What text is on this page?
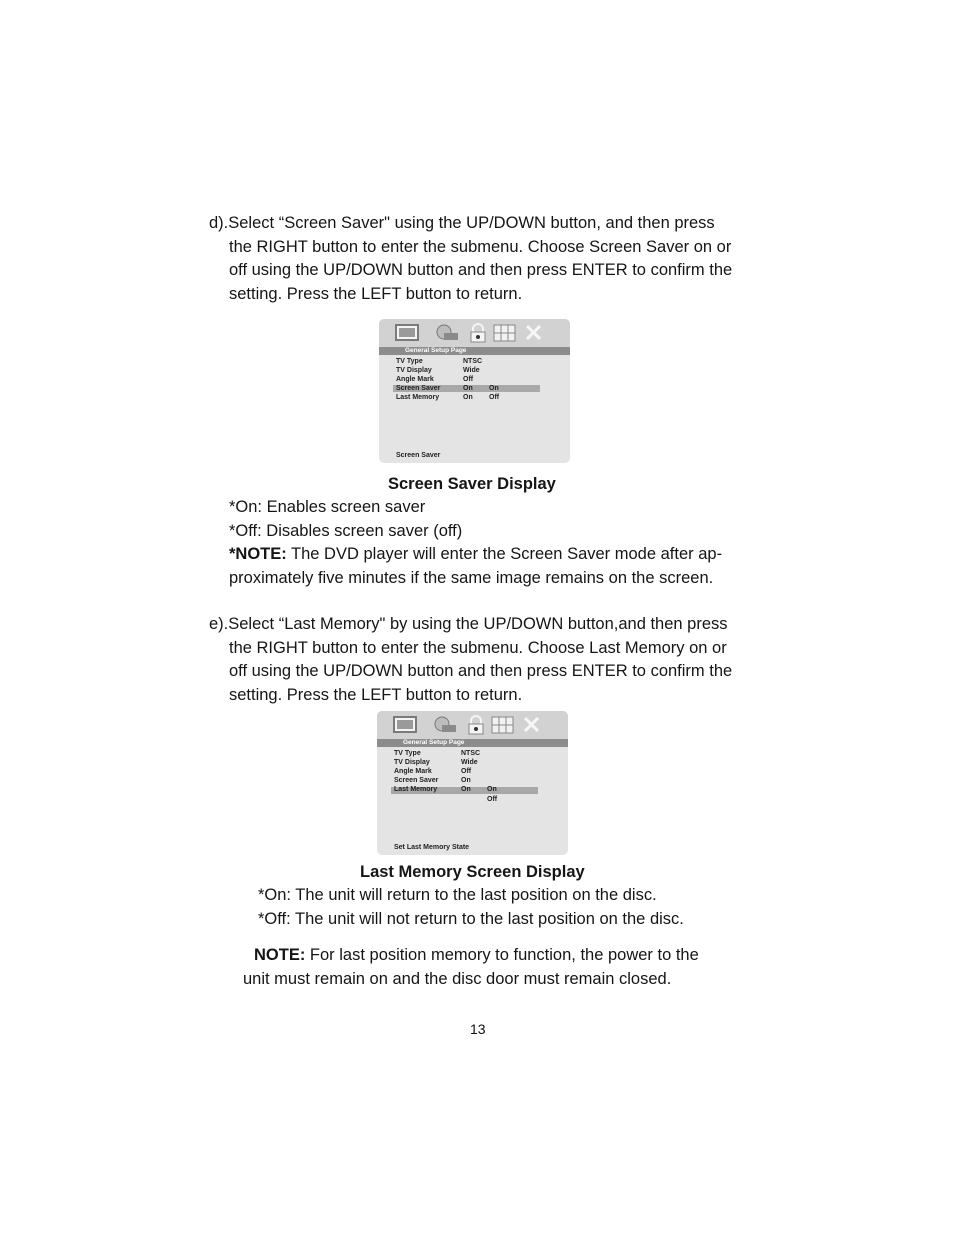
d).Select “Screen Saver" using the UP/DOWN button, and then press
the RIGHT button to enter the submenu. Choose Screen Saver on or
off using the UP/DOWN button and then press ENTER to confirm the
setting. Press the LEFT button to return.
General Setup Page
TV Type	NTSC
TV Display	Wide
Angle Mark	Off
Screen Saver	On On
Last Memory	On Off
Screen Saver
Screen Saver Display
*On: Enables screen saver
*Off: Disables screen saver (off)
*NOTE: The DVD player will enter the Screen Saver mode after ap-
proximately five minutes if the same image remains on the screen.
e).Select “Last Memory" by using the UP/DOWN button,and then press
the RIGHT button to enter the submenu. Choose Last Memory on or
off using the UP/DOWN button and then press ENTER to confirm the
setting. Press the LEFT button to return.
General Setup Page
TV Type	NTSC
TV Display	Wide
Angle Mark	Off
Screen Saver	On
Last Memory	On On
Off
Set Last Memory State
Last Memory Screen Display
*On: The unit will return to the last position on the disc.
*Off: The unit will not return to the last position on the disc.
NOTE: For last position memory to function, the power to the
unit must remain on and the disc door must remain closed.
13
